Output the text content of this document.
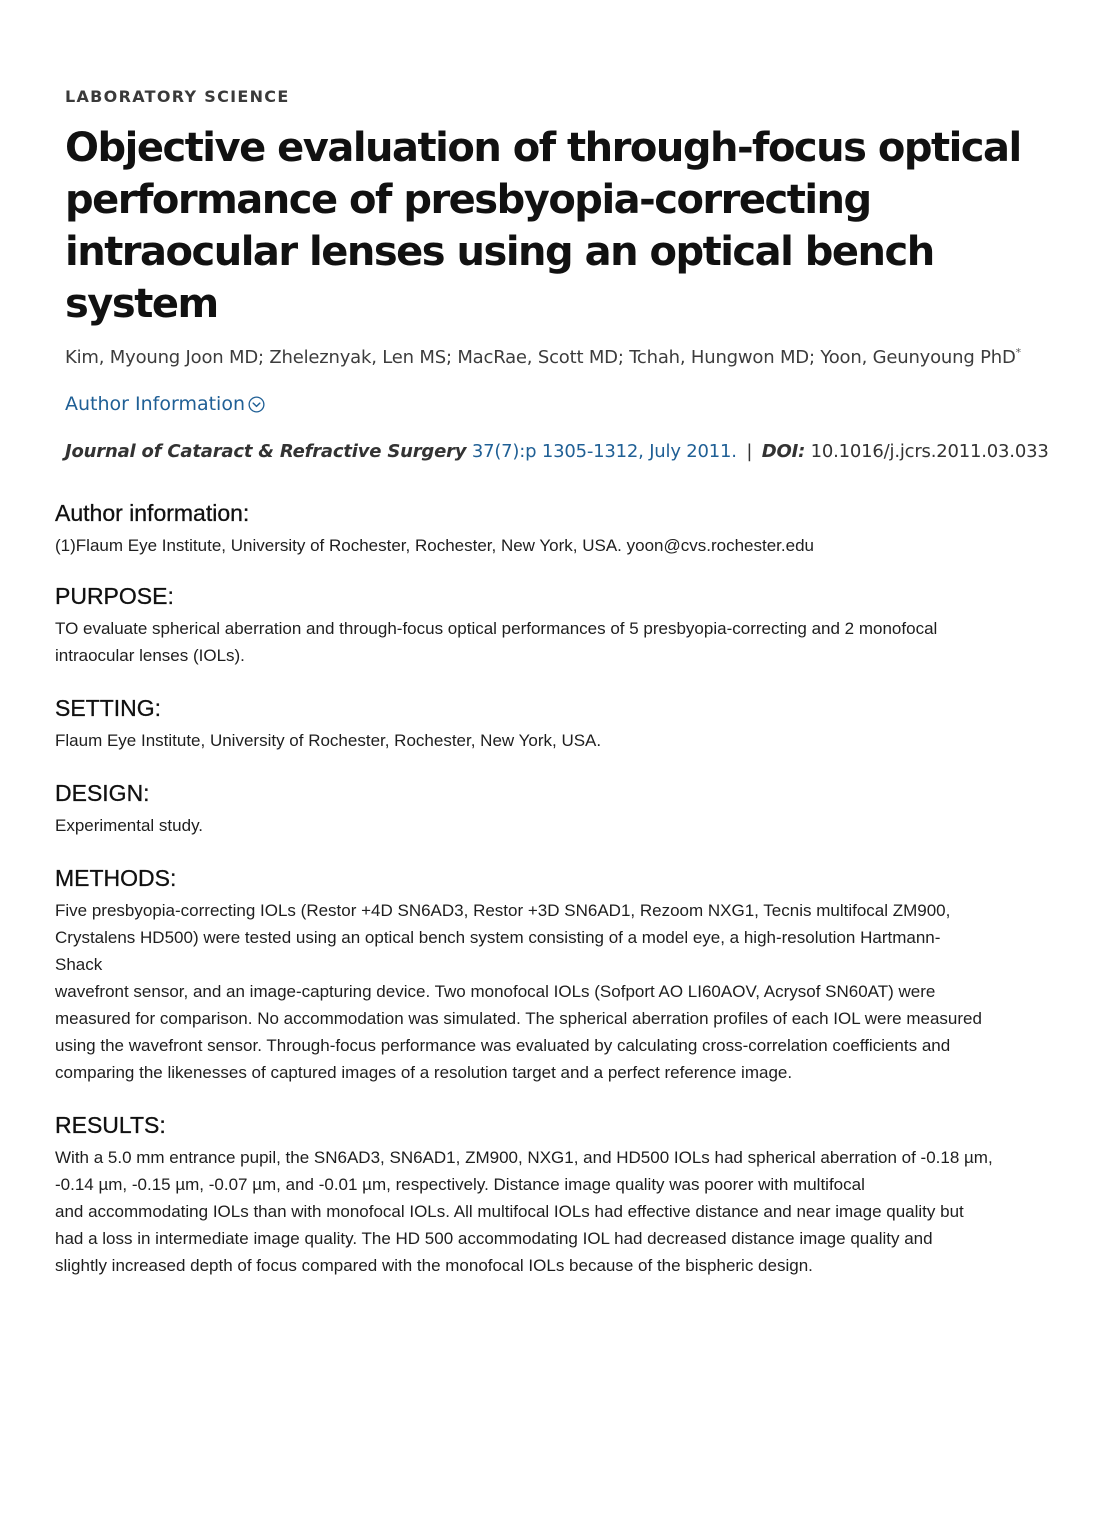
LABORATORY SCIENCE

Objective evaluation of through-focus optical performance of presbyopia-correcting intraocular lenses using an optical bench system

Kim, Myoung Joon MD; Zheleznyak, Len MS; MacRae, Scott MD; Tchah, Hungwon MD; Yoon, Geunyoung PhD*

Author Information
Journal of Cataract & Refractive Surgery 37(7):p 1305-1312, July 2011. | DOI: 10.1016/j.jcrs.2011.03.033
Author information:

(1)Flaum Eye Institute, University of Rochester, Rochester, New York, USA. yoon@cvs.rochester.edu

PURPOSE:

TO evaluate spherical aberration and through-focus optical performances of 5 presbyopia-correcting and 2 monofocal
intraocular lenses (IOLs).

SETTING:

Flaum Eye Institute, University of Rochester, Rochester, New York, USA.

DESIGN:

Experimental study.

METHODS:

Five presbyopia-correcting IOLs (Restor +4D SN6AD3, Restor +3D SN6AD1, Rezoom NXG1, Tecnis multifocal ZM900,
Crystalens HD500) were tested using an optical bench system consisting of a model eye, a high-resolution Hartmann-
Shack
wavefront sensor, and an image-capturing device. Two monofocal IOLs (Sofport AO LI60AOV, Acrysof SN60AT) were
measured for comparison. No accommodation was simulated. The spherical aberration profiles of each IOL were measured
using the wavefront sensor. Through-focus performance was evaluated by calculating cross-correlation coefficients and
comparing the likenesses of captured images of a resolution target and a perfect reference image.

RESULTS:

With a 5.0 mm entrance pupil, the SN6AD3, SN6AD1, ZM900, NXG1, and HD500 IOLs had spherical aberration of -0.18 µm,
-0.14 µm, -0.15 µm, -0.07 µm, and -0.01 µm, respectively. Distance image quality was poorer with multifocal
and accommodating IOLs than with monofocal IOLs. All multifocal IOLs had effective distance and near image quality but
had a loss in intermediate image quality. The HD 500 accommodating IOL had decreased distance image quality and
slightly increased depth of focus compared with the monofocal IOLs because of the bispheric design.
